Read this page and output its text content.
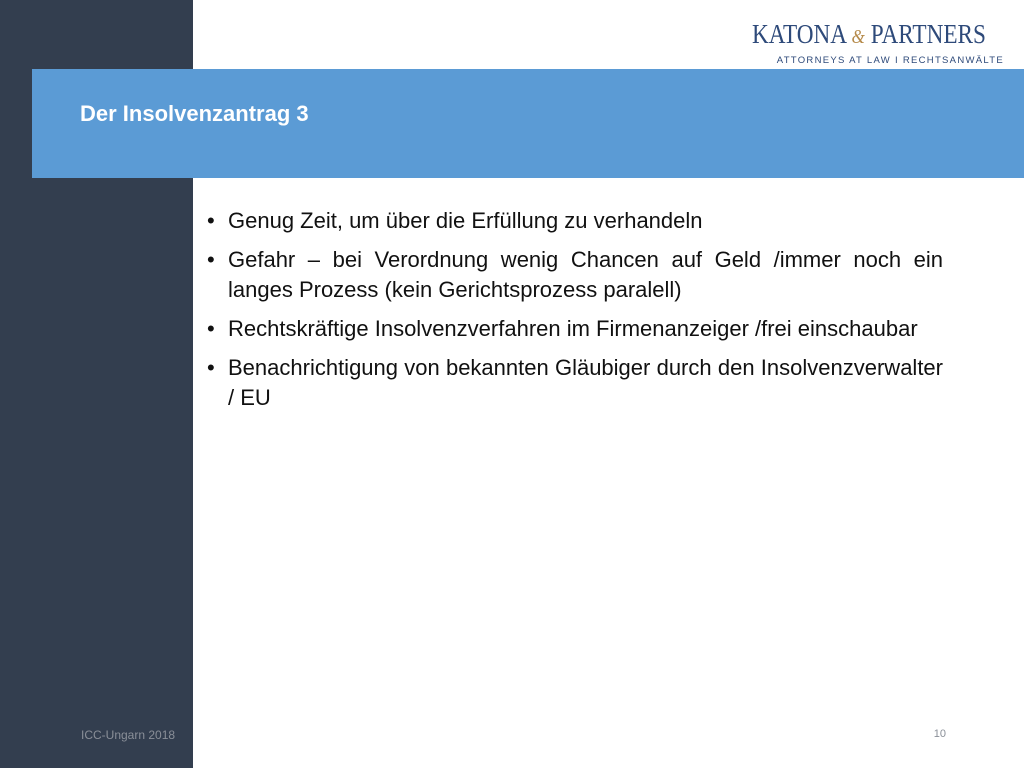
Der Insolvenzantrag 3
KATONA & PARTNERS
ATTORNEYS AT LAW I RECHTSANWÄLTE
• Genug Zeit, um über die Erfüllung zu verhandeln
• Gefahr – bei Verordnung wenig Chancen auf Geld /immer noch ein langes Prozess (kein Gerichtsprozess paralell)
• Rechtskräftige Insolvenzverfahren im Firmenanzeiger /frei einschaubar
• Benachrichtigung von bekannten Gläubiger durch den Insolvenzverwalter / EU
ICC-Ungarn 2018	10
